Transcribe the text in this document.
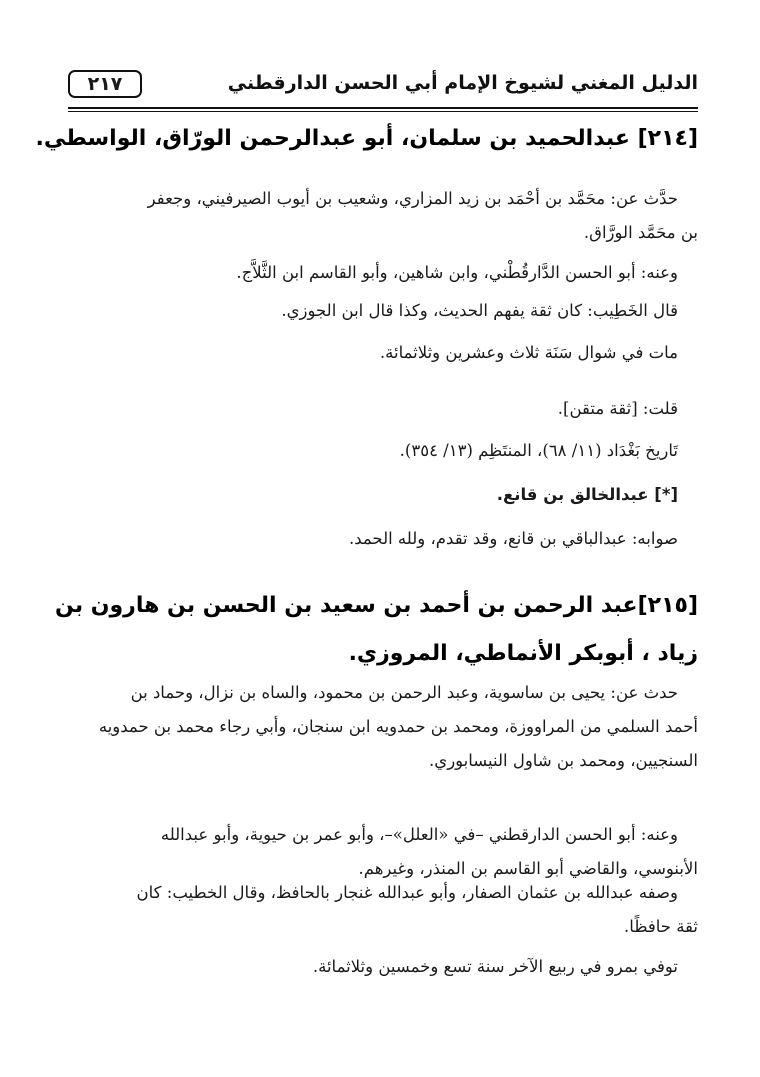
الدليل المغني لشيوخ الإمام أبي الحسن الدارقطني
٢١٧
[٢١٤] عبدالحميد بن سلمان، أبو عبدالرحمن الورّاق، الواسطي.
حدَّث عن: محَمَّد بن أحْمَد بن زيد المزاري، وشعيب بن أيوب الصيرفيني، وجعفر
بن محَمَّد الورَّاق.
وعنه: أبو الحسن الدَّارقُطْني، وابن شاهين، وأبو القاسم ابن الثَّلاَّج.
قال الخَطِيب: كان ثقة يفهم الحديث، وكذا قال ابن الجوزي.
مات في شوال سَنَة ثلاث وعشرين وثلاثمائة.
قلت: [ثقة متقن].
تَاريخ بَغْدَاد (١١/ ٦٨)، المنتَظِم (١٣/ ٣٥٤).
[*] عبدالخالق بن قانع.
صوابه: عبدالباقي بن قانع، وقد تقدم، ولله الحمد.
[٢١٥]عبد الرحمن بن أحمد بن سعيد بن الحسن بن هارون بن
زياد ، أبوبكر الأنماطي، المروزي.
حدث عن: يحيى بن ساسوية، وعبد الرحمن بن محمود، والساه بن نزال، وحماد بن
أحمد السلمي من المراووزة، ومحمد بن حمدويه ابن سنجان، وأبي رجاء محمد بن حمدويه
السنجيين، ومحمد بن شاول النيسابوري.
وعنه: أبو الحسن الدارقطني –في «العلل»–، وأبو عمر بن حيوية، وأبو عبدالله
الأبنوسي، والقاضي أبو القاسم بن المنذر، وغيرهم.
وصفه عبدالله بن عثمان الصفار، وأبو عبدالله غنجار بالحافظ، وقال الخطيب: كان
ثقة حافظًا.
توفي بمرو في ربيع الآخر سنة تسع وخمسين وثلاثمائة.
